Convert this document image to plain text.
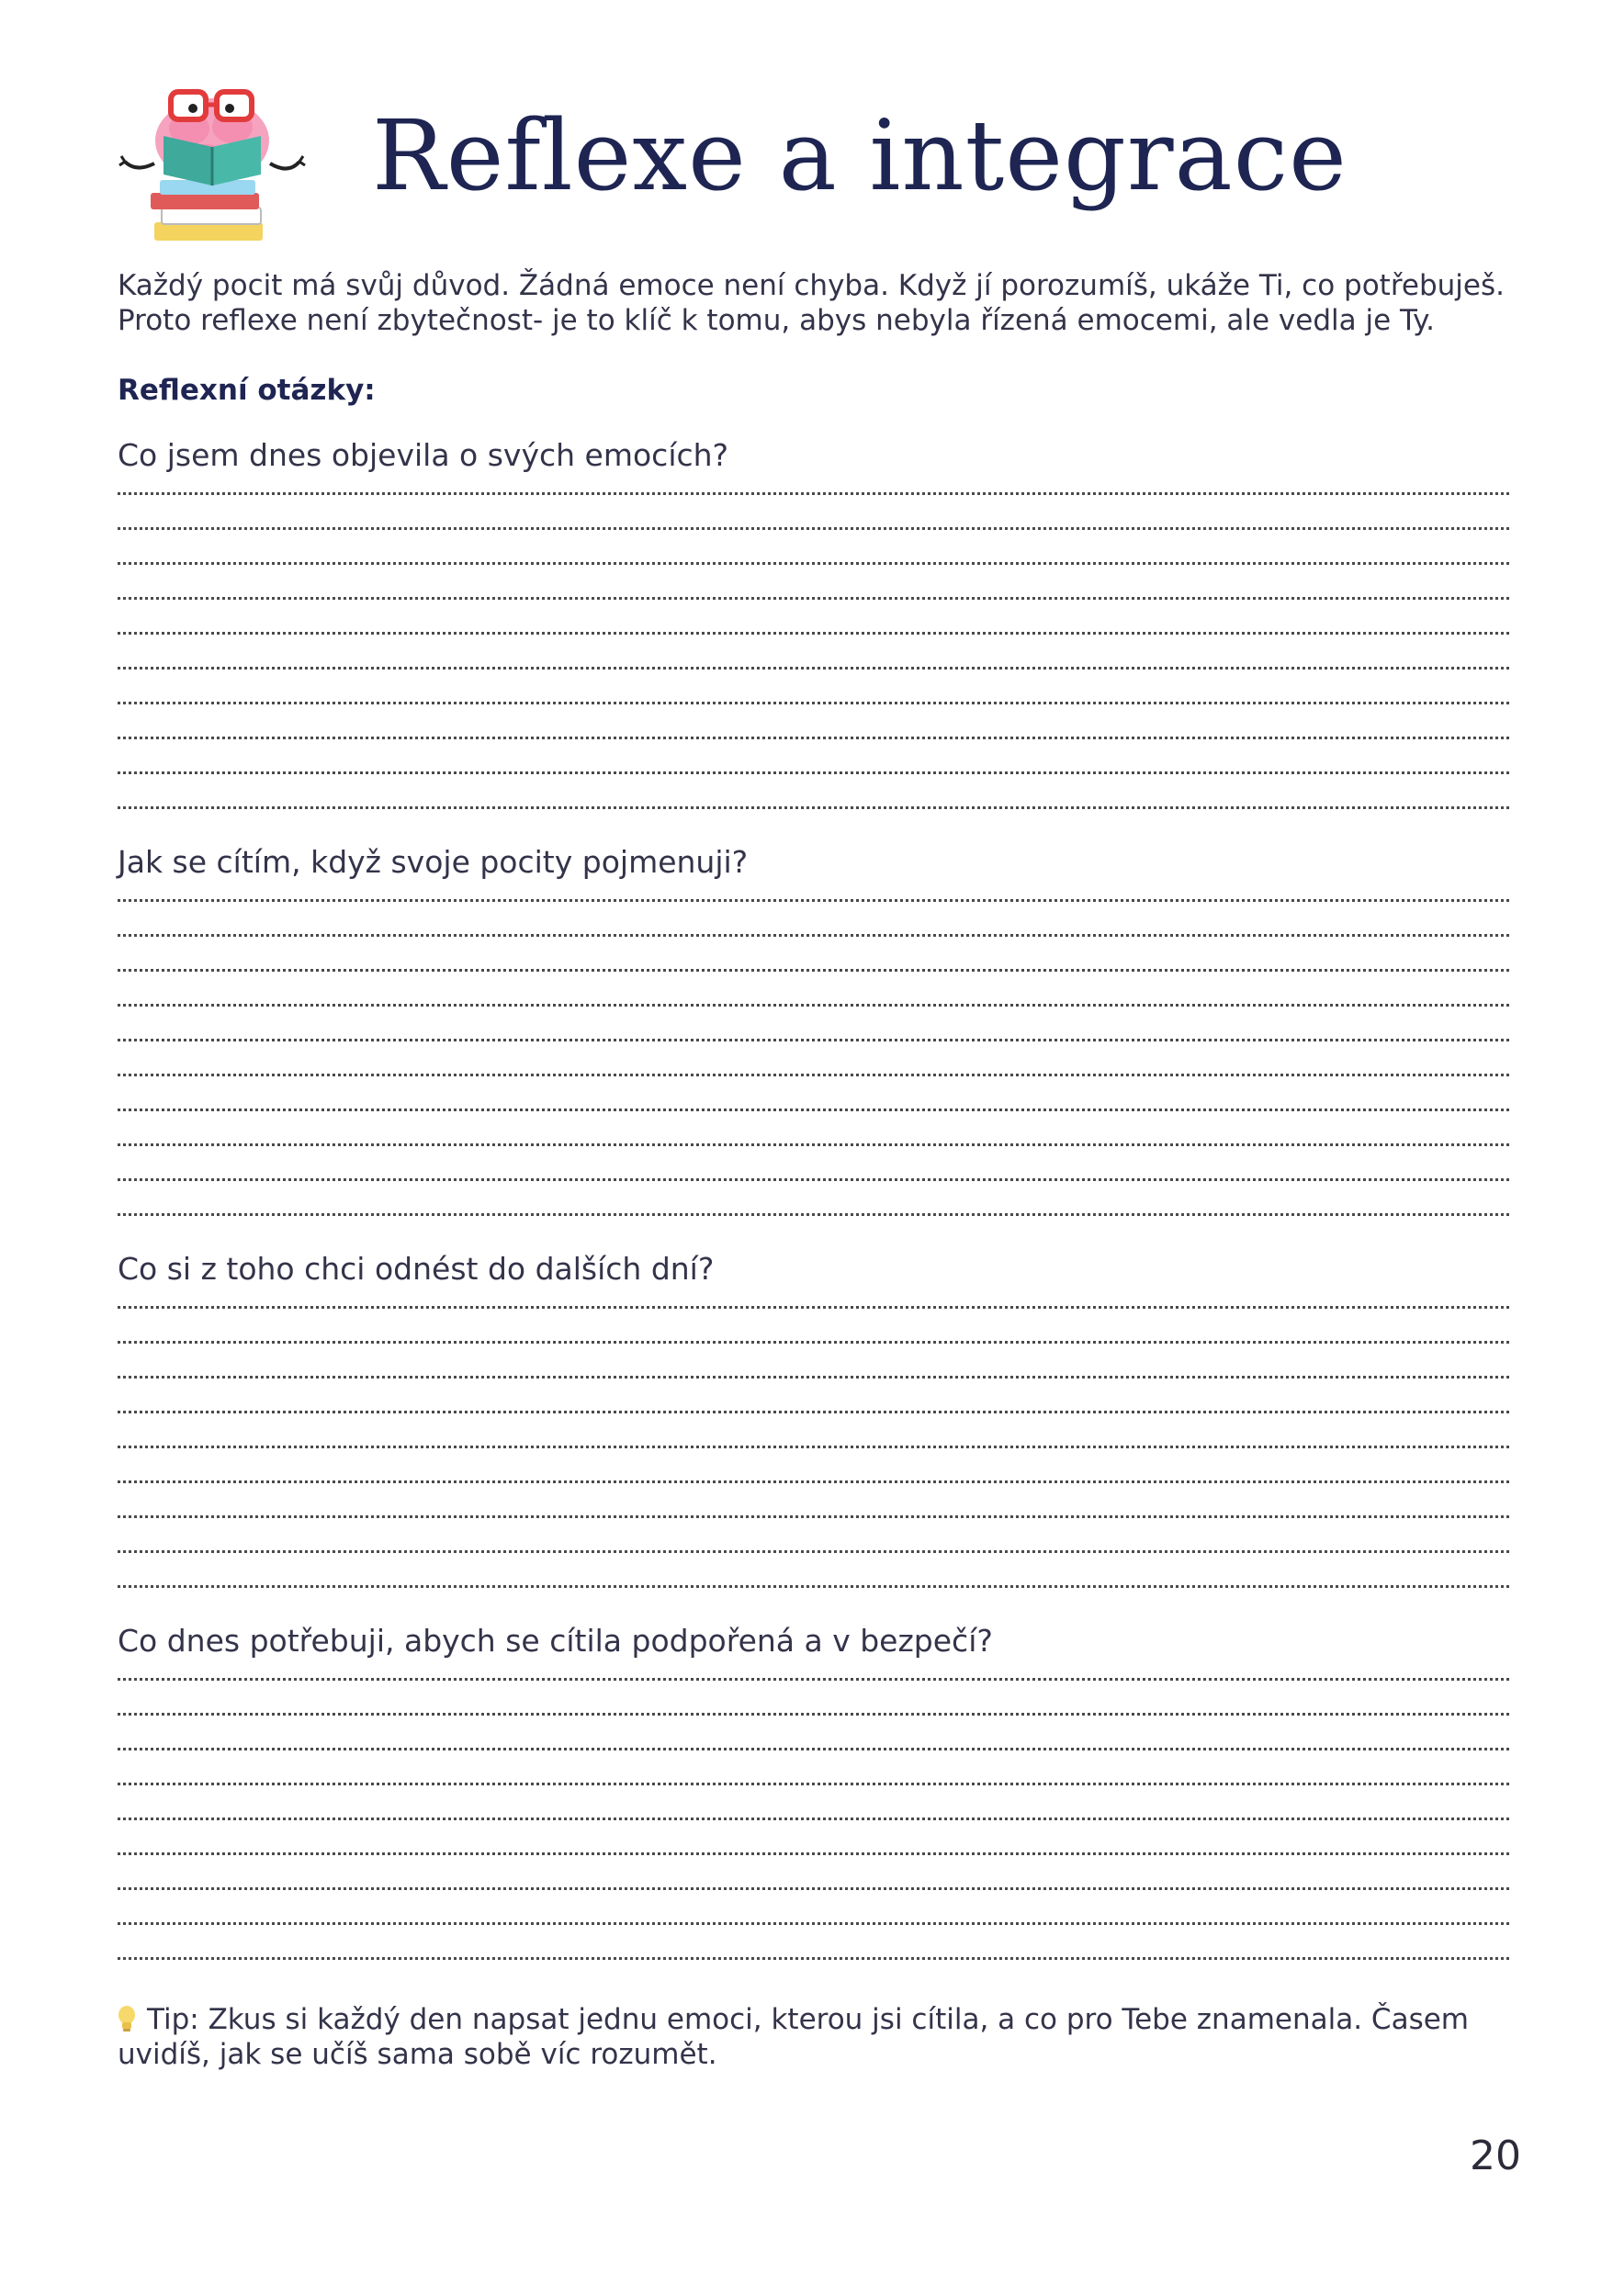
Reflexe a integrace

Každý pocit má svůj důvod. Žádná emoce není chyba. Když jí porozumíš, ukáže Ti, co potřebuješ. Proto reflexe není zbytečnost- je to klíč k tomu, abys nebyla řízená emocemi, ale vedla je Ty.

Reflexní otázky:

Co jsem dnes objevila o svých emocích?

Jak se cítím, když svoje pocity pojmenuji?

Co si z toho chci odnést do dalších dní?

Co dnes potřebuji, abych se cítila podpořená a v bezpečí?

Tip: Zkus si každý den napsat jednu emoci, kterou jsi cítila, a co pro Tebe znamenala. Časem uvidíš, jak se učíš sama sobě víc rozumět.

20
